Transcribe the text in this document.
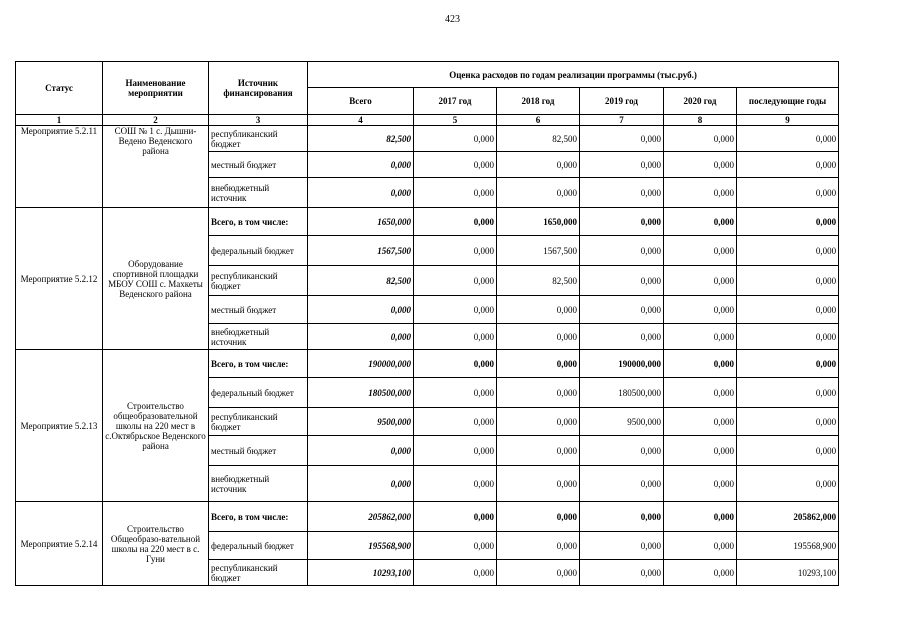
423
Статус	Наименование мероприятии	Источник финансирования	Оценка расходов по годам реализации программы (тыс.руб.)					
			Всего	2017 год	2018 год	2019 год	2020 год	последующие годы
1	2	3	4	5	6	7	8	9
Мероприятие 5.2.11	СОШ № 1 с. Дышни-Ведено Веденского района	республиканский бюджет	82,500	0,000	82,500	0,000	0,000	0,000
		местный бюджет	0,000	0,000	0,000	0,000	0,000	0,000
		внебюджетный источник	0,000	0,000	0,000	0,000	0,000	0,000
Мероприятие 5.2.12	Оборудование спортивной площадки МБОУ СОШ с. Махкеты Веденского района	Всего, в том числе:	1650,000	0,000	1650,000	0,000	0,000	0,000
		федеральный бюджет	1567,500	0,000	1567,500	0,000	0,000	0,000
		республиканский бюджет	82,500	0,000	82,500	0,000	0,000	0,000
		местный бюджет	0,000	0,000	0,000	0,000	0,000	0,000
		внебюджетный источник	0,000	0,000	0,000	0,000	0,000	0,000
Мероприятие 5.2.13	Строительство общеобразовательной школы на 220 мест в с.Октябрьское Веденского района	Всего, в том числе:	190000,000	0,000	0,000	190000,000	0,000	0,000
		федеральный бюджет	180500,000	0,000	0,000	180500,000	0,000	0,000
		республиканский бюджет	9500,000	0,000	0,000	9500,000	0,000	0,000
		местный бюджет	0,000	0,000	0,000	0,000	0,000	0,000
		внебюджетный источник	0,000	0,000	0,000	0,000	0,000	0,000
Мероприятие 5.2.14	Строительство Общеобразо-вательной школы на 220 мест в с. Гуни	Всего, в том числе:	205862,000	0,000	0,000	0,000	0,000	205862,000
		федеральный бюджет	195568,900	0,000	0,000	0,000	0,000	195568,900
		республиканский бюджет	10293,100	0,000	0,000	0,000	0,000	10293,100
